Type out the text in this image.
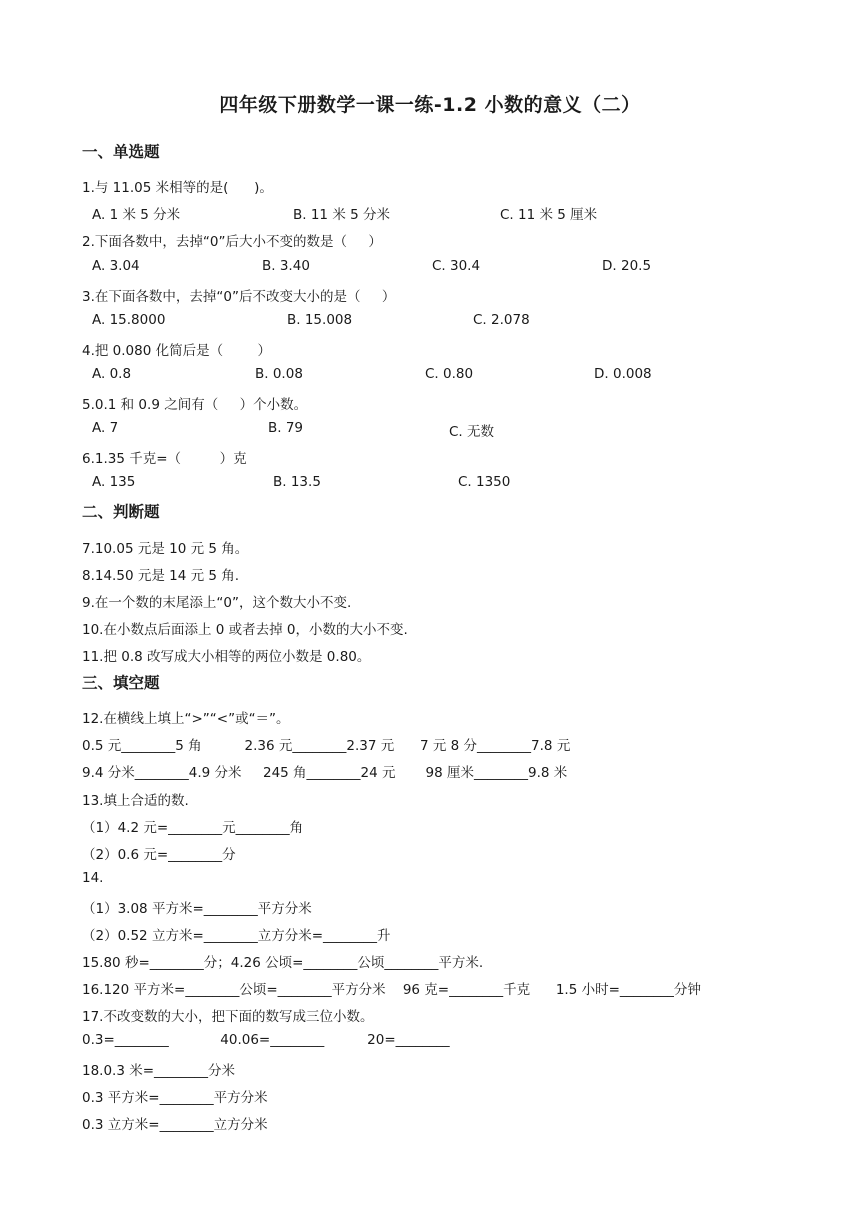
四年级下册数学一课一练-1.2 小数的意义（二）
一、单选题
1.与 11.05 米相等的是(      )。
A. 1 米 5 分米	B. 11 米 5 分米	C. 11 米 5 厘米
2.下面各数中，去掉“0”后大小不变的数是（     ）
A. 3.04	B. 3.40	C. 30.4	D. 20.5
3.在下面各数中，去掉“0”后不改变大小的是（     ）
A. 15.8000	B. 15.008	C. 2.078
4.把 0.080 化简后是（        ）
A. 0.8	B. 0.08	C. 0.80	D. 0.008
5.0.1 和 0.9 之间有（     ）个小数。
A. 7	B. 79	C. 无数
6.1.35 千克=（         ）克
A. 135	B. 13.5	C. 1350
二、判断题
7.10.05 元是 10 元 5 角。
8.14.50 元是 14 元 5 角.
9.在一个数的末尾添上“0”，这个数大小不变.
10.在小数点后面添上 0 或者去掉 0，小数的大小不变.
11.把 0.8 改写成大小相等的两位小数是 0.80。
三、填空题
12.在横线上填上“>”“<”或“＝”。
0.5 元________5 角          2.36 元________2.37 元      7 元 8 分________7.8 元
9.4 分米________4.9 分米     245 角________24 元       98 厘米________9.8 米
13.填上合适的数.
（1）4.2 元=________元________角
（2）0.6 元=________分
14.
（1）3.08 平方米=________平方分米
（2）0.52 立方米=________立方分米=________升
15.80 秒=________分；4.26 公顷=________公顷________平方米.
16.120 平方米=________公顷=________平方分米    96 克=________千克      1.5 小时=________分钟
17.不改变数的大小，把下面的数写成三位小数。
0.3=________            40.06=________          20=________
18.0.3 米=________分米
0.3 平方米=________平方分米
0.3 立方米=________立方分米
